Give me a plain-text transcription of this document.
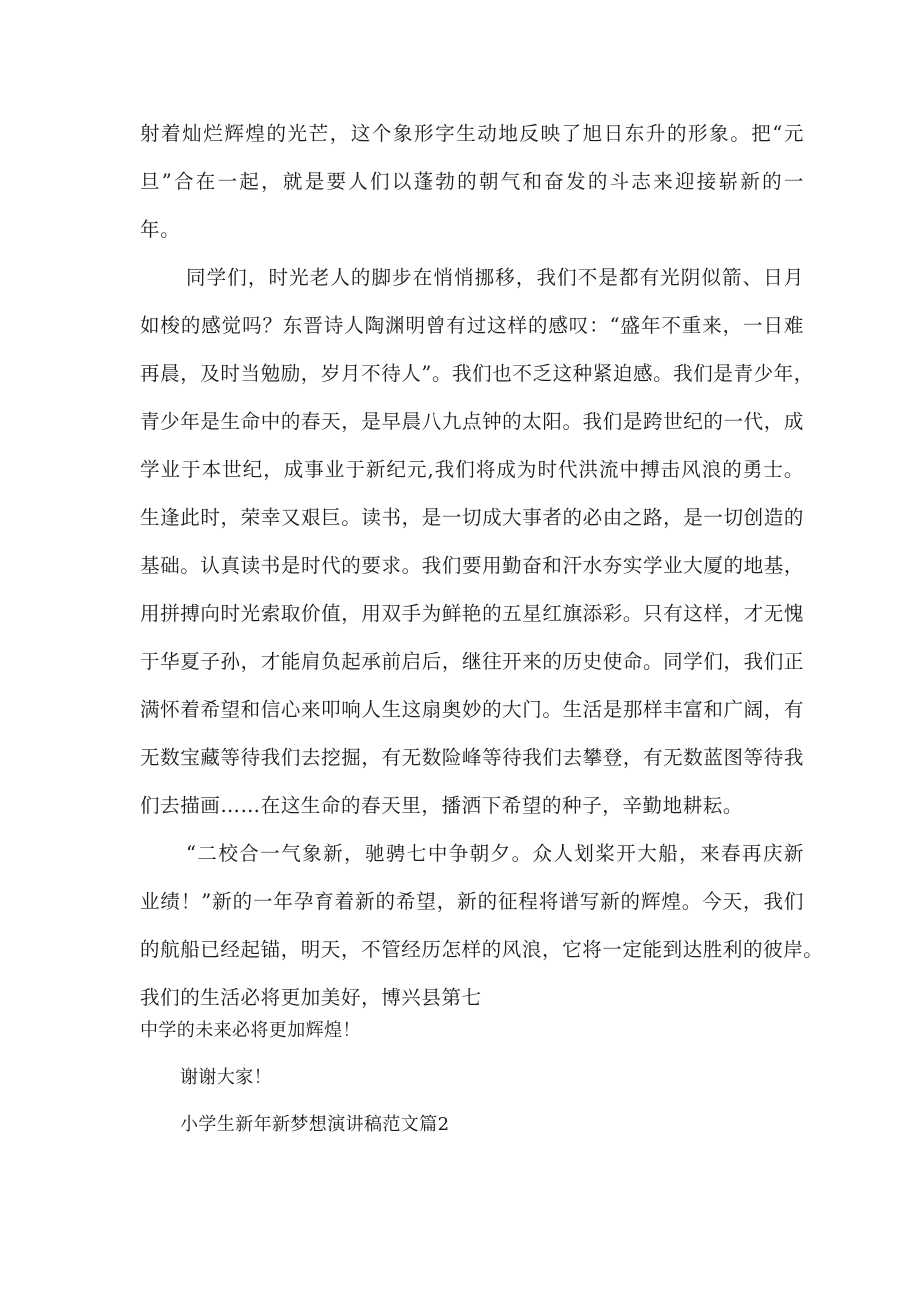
射着灿烂辉煌的光芒，这个象形字生动地反映了旭日东升的形象。把“元
旦”合在一起，就是要人们以蓬勃的朝气和奋发的斗志来迎接崭新的一
年。
同学们，时光老人的脚步在悄悄挪移，我们不是都有光阴似箭、日月
如梭的感觉吗？东晋诗人陶渊明曾有过这样的感叹：“盛年不重来，一日难
再晨，及时当勉励，岁月不待人”。我们也不乏这种紧迫感。我们是青少年，
青少年是生命中的春天，是早晨八九点钟的太阳。我们是跨世纪的一代，成
学业于本世纪，成事业于新纪元,我们将成为时代洪流中搏击风浪的勇士。
生逢此时，荣幸又艰巨。读书，是一切成大事者的必由之路，是一切创造的
基础。认真读书是时代的要求。我们要用勤奋和汗水夯实学业大厦的地基，
用拼搏向时光索取价值，用双手为鲜艳的五星红旗添彩。只有这样，才无愧
于华夏子孙，才能肩负起承前启后，继往开来的历史使命。同学们，我们正
满怀着希望和信心来叩响人生这扇奥妙的大门。生活是那样丰富和广阔，有
无数宝藏等待我们去挖掘，有无数险峰等待我们去攀登，有无数蓝图等待我
们去描画……在这生命的春天里，播洒下希望的种子，辛勤地耕耘。
“二校合一气象新，驰骋七中争朝夕。众人划桨开大船，来春再庆新
业绩！”新的一年孕育着新的希望，新的征程将谱写新的辉煌。今天，我们
的航船已经起锚，明天，不管经历怎样的风浪，它将一定能到达胜利的彼岸。
我们的生活必将更加美好，博兴县第七
中学的未来必将更加辉煌！
谢谢大家！
小学生新年新梦想演讲稿范文篇2
